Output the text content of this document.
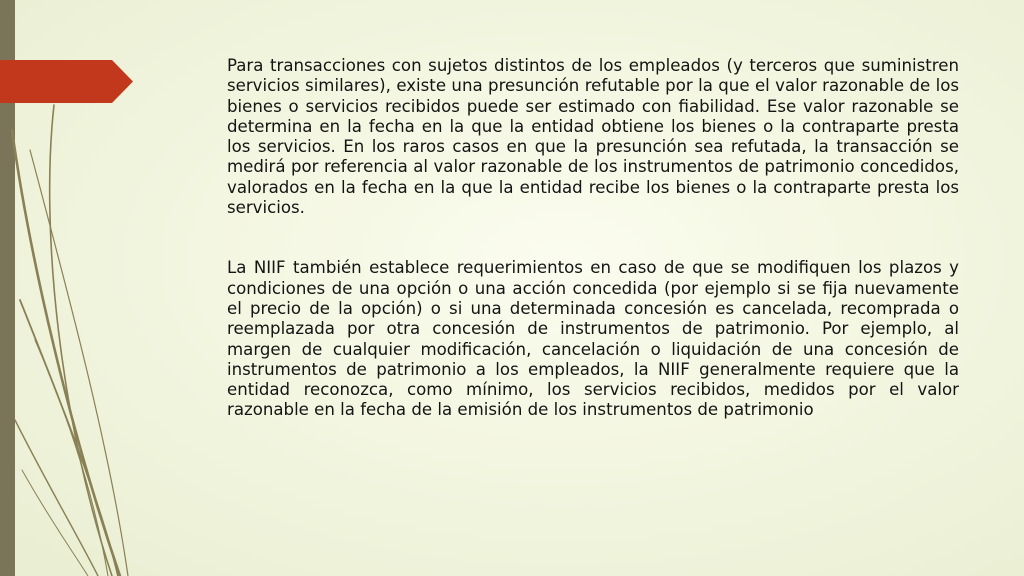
Para transacciones con sujetos distintos de los empleados (y terceros que suministren servicios similares), existe una presunción refutable por la que el valor razonable de los bienes o servicios recibidos puede ser estimado con fiabilidad. Ese valor razonable se determina en la fecha en la que la entidad obtiene los bienes o la contraparte presta los servicios. En los raros casos en que la presunción sea refutada, la transacción se medirá por referencia al valor razonable de los instrumentos de patrimonio concedidos, valorados en la fecha en la que la entidad recibe los bienes o la contraparte presta los servicios.

La NIIF también establece requerimientos en caso de que se modifiquen los plazos y condiciones de una opción o una acción concedida (por ejemplo si se fija nuevamente el precio de la opción) o si una determinada concesión es cancelada, recomprada o reemplazada por otra concesión de instrumentos de patrimonio. Por ejemplo, al margen de cualquier modificación, cancelación o liquidación de una concesión de instrumentos de patrimonio a los empleados, la NIIF generalmente requiere que la entidad reconozca, como mínimo, los servicios recibidos, medidos por el valor razonable en la fecha de la emisión de los instrumentos de patrimonio
